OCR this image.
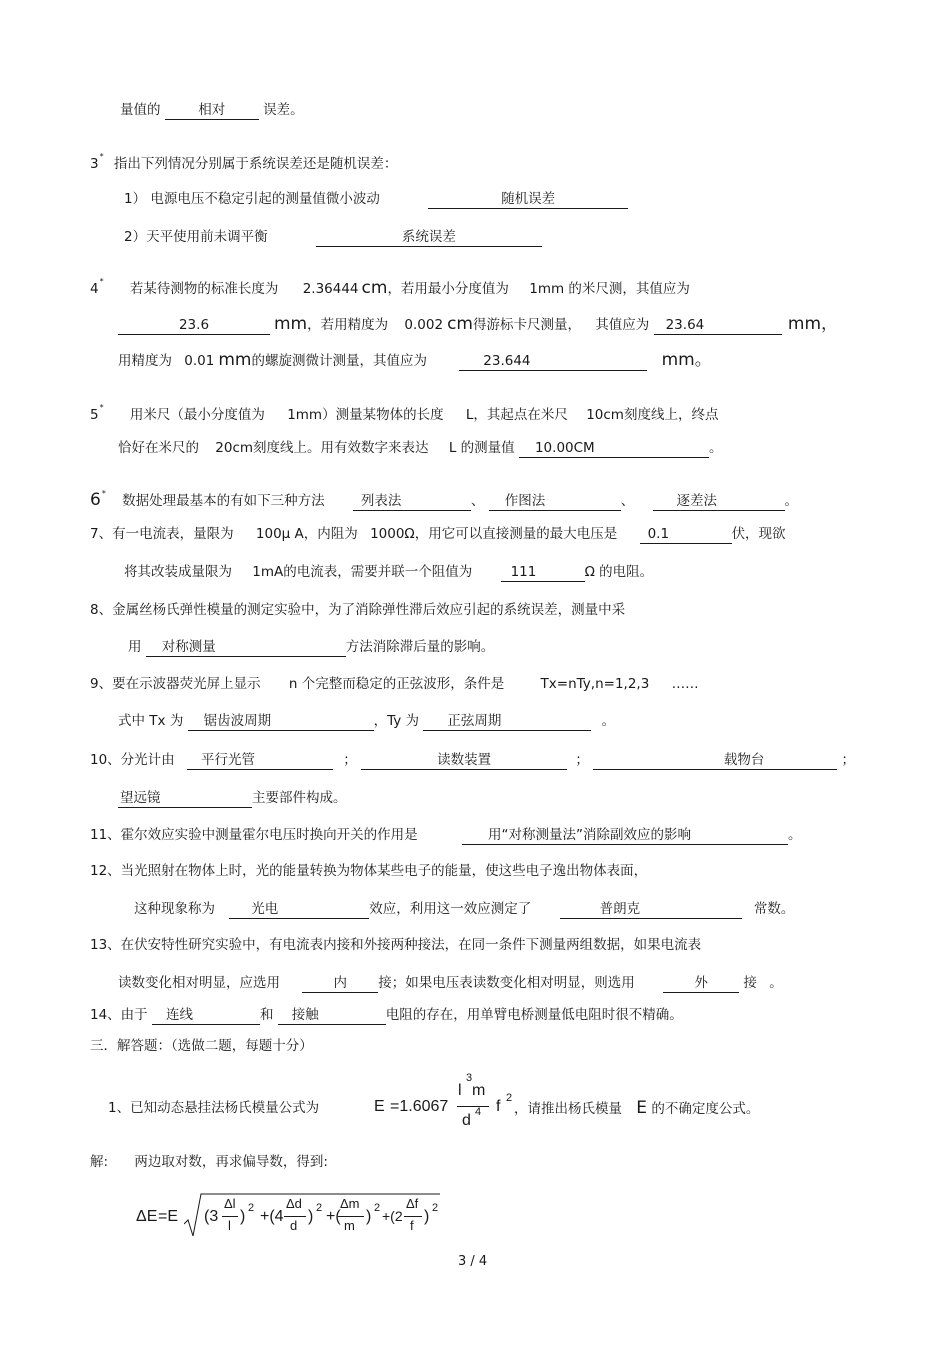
量值的	相对	误差。
3* 指出下列情况分别属于系统误差还是随机误差：
1） 电源电压不稳定引起的测量值微小波动	随机误差
2）天平使用前未调平衡	系统误差
4* 若某待测物的标准长度为 2.36444 cm，若用最小分度值为 1mm 的米尺测，其值应为
23.6	mm，若用精度为 0.002 cm得游标卡尺测量， 其值应为 23.64	mm，
用精度为 0.01 mm的螺旋测微计测量，其值应为	23.644	mm。
5* 用米尺（最小分度值为 1mm）测量某物体的长度 L，其起点在米尺 10cm刻度线上，终点
恰好在米尺的 20cm刻度线上。用有效数字来表达 L 的测量值 10.00CM	。
6* 数据处理最基本的有如下三种方法	列表法	、 作图法	、	逐差法	。
7、有一电流表，量限为 100μ A，内阻为 1000Ω，用它可以直接测量的最大电压是 0.1	伏，现欲
将其改装成量限为 1mA的电流表，需要并联一个阻值为	111	Ω 的电阻。
8、金属丝杨氏弹性模量的测定实验中，为了消除弹性滞后效应引起的系统误差，测量中采
用 对称测量	方法消除滞后量的影响。
9、要在示波器荧光屏上显示 n 个完整而稳定的正弦波形，条件是	Tx=nTy,n=1,2,3 ……
式中 Tx 为 锯齿波周期	，Ty 为 正弦周期	。
10、分光计由 平行光管	；	读数装置	；	载物台	；
望远镜	主要部件构成。
11、霍尔效应实验中测量霍尔电压时换向开关的作用是	用“对称测量法”消除副效应的影响	。
12、当光照射在物体上时，光的能量转换为物体某些电子的能量，使这些电子逸出物体表面，
这种现象称为	光电	效应，利用这一效应测定了	普朗克	常数。
13、在伏安特性研究实验中，有电流表内接和外接两种接法，在同一条件下测量两组数据，如果电流表
读数变化相对明显，应选用	内 接；如果电压表读数变化相对明显，则选用	外	接 。
14、由于 连线	和 接触	电阻的存在，用单臂电桥测量低电阻时很不精确。
三．解答题：（选做二题，每题十分）
1、已知动态悬挂法杨氏模量公式为	E =1.6067
l
3
m
d 4 f 2
，请推出杨氏模量 E 的不确定度公式。
解: 两边取对数，再求偏导数，得到:
ΔE =E (3
Δl
l
) 2 +(4
Δd
d
) 2 +(
Δm
m
) 2 +(2
Δf
f
) 2
3 / 4
